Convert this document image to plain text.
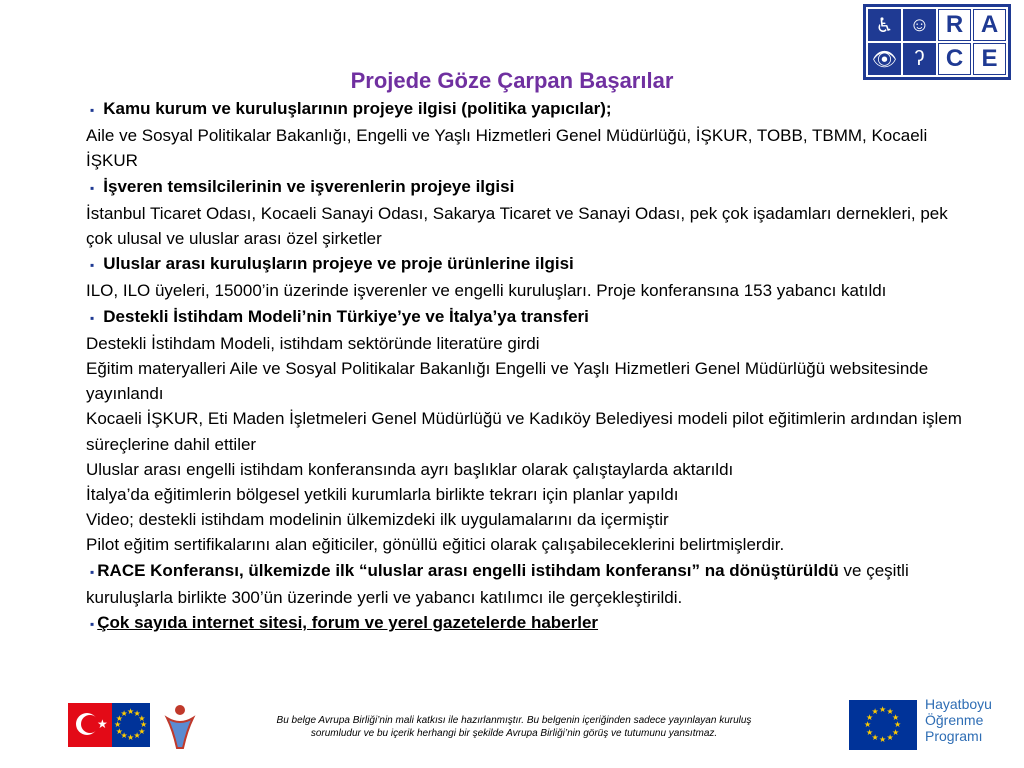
♿ ☺ R A
👁 ʔ C E
Projede Göze Çarpan Başarılar
▪ Kamu kurum ve kuruluşlarının projeye ilgisi (politika yapıcılar);

Aile ve Sosyal Politikalar Bakanlığı, Engelli ve Yaşlı Hizmetleri Genel Müdürlüğü, İŞKUR, TOBB, TBMM, Kocaeli İŞKUR

▪ İşveren temsilcilerinin ve işverenlerin projeye ilgisi

İstanbul Ticaret Odası, Kocaeli Sanayi Odası, Sakarya Ticaret ve Sanayi Odası, pek çok işadamları dernekleri, pek çok ulusal ve uluslar arası özel şirketler

▪ Uluslar arası kuruluşların projeye ve proje ürünlerine ilgisi

ILO, ILO üyeleri, 15000’in üzerinde işverenler ve engelli kuruluşları. Proje konferansına 153 yabancı katıldı

▪ Destekli İstihdam Modeli’nin Türkiye’ye ve İtalya’ya transferi

Destekli İstihdam Modeli, istihdam sektöründe literatüre girdi

Eğitim materyalleri Aile ve Sosyal Politikalar Bakanlığı Engelli ve Yaşlı Hizmetleri Genel Müdürlüğü websitesinde yayınlandı

Kocaeli İŞKUR, Eti Maden İşletmeleri Genel Müdürlüğü ve Kadıköy Belediyesi modeli pilot eğitimlerin ardından işlem süreçlerine dahil ettiler

Uluslar arası engelli istihdam konferansında ayrı başlıklar olarak çalıştaylarda aktarıldı

İtalya’da eğitimlerin bölgesel yetkili kurumlarla birlikte tekrarı için planlar yapıldı

Video; destekli istihdam modelinin ülkemizdeki ilk uygulamalarını da içermiştir

Pilot eğitim sertifikalarını alan eğiticiler, gönüllü eğitici olarak çalışabileceklerini belirtmişlerdir.

▪ RACE Konferansı, ülkemizde ilk “uluslar arası engelli istihdam konferansı” na dönüştürüldü ve çeşitli kuruluşlarla birlikte 300’ün üzerinde yerli ve yabancı katılımcı ile gerçekleştirildi.
▪ Çok sayıda internet sitesi, forum ve yerel gazetelerde haberler
★	★
★
★
★
★
★
★
★
★ ★ ★
★	Bu belge Avrupa Birliği’nin mali katkısı ile hazırlanmıştır. Bu belgenin içeriğinden sadece yayınlayan kuruluş
sorumludur ve bu içerik herhangi bir şekilde Avrupa Birliği’nin görüş ve tutumunu yansıtmaz.
★
★
★
★
★
★
★
★
★ ★ ★
★
Hayatboyu
Öğrenme
Programı
